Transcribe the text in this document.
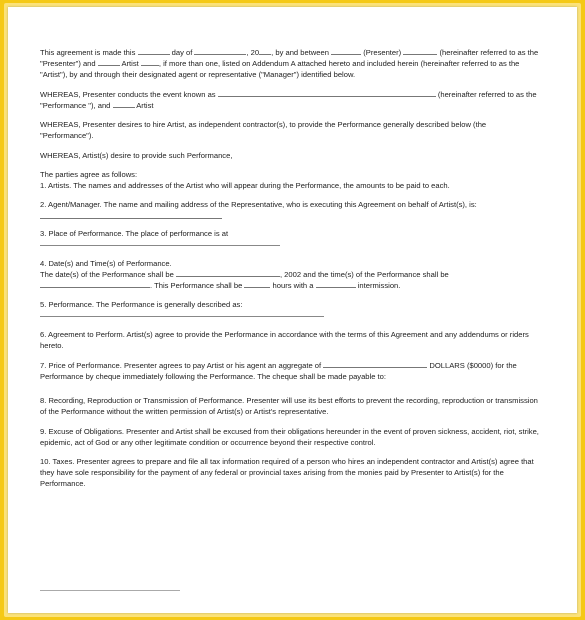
This agreement is made this	day of	, 20 , by and between	(Presenter)	(hereinafter referred to as the "Presenter") and	Artist	, if more than one, listed on Addendum A attached hereto and included herein (hereinafter referred to as the "Artist"), by and through their designated agent or representative ("Manager") identified below.

WHEREAS, Presenter conducts the event known as	(hereinafter referred to as the "Performance "), and	Artist

WHEREAS, Presenter desires to hire Artist, as independent contractor(s), to provide the Performance generally described below (the "Performance").

WHEREAS, Artist(s) desire to provide such Performance,

The parties agree as follows:

1. Artists. The names and addresses of the Artist who will appear during the Performance, the amounts to be paid to each.

2. Agent/Manager. The name and mailing address of the Representative, who is executing this Agreement on behalf of Artist(s), is:

3. Place of Performance. The place of performance is at

4. Date(s) and Time(s) of Performance.

The date(s) of the Performance shall be	, 2002 and the time(s) of the Performance shall be . This Performance shall be	hours with a	intermission.

5. Performance. The Performance is generally described as:

6. Agreement to Perform. Artist(s) agree to provide the Performance in accordance with the terms of this Agreement and any addendums or riders hereto.

7. Price of Performance. Presenter agrees to pay Artist or his agent an aggregate of	DOLLARS ($0000) for the Performance by cheque immediately following the Performance. The cheque shall be made payable to:

8. Recording, Reproduction or Transmission of Performance. Presenter will use its best efforts to prevent the recording, reproduction or transmission of the Performance without the written permission of Artist(s) or Artist's representative.

9. Excuse of Obligations. Presenter and Artist shall be excused from their obligations hereunder in the event of proven sickness, accident, riot, strike, epidemic, act of God or any other legitimate condition or occurrence beyond their respective control.

10. Taxes. Presenter agrees to prepare and file all tax information required of a person who hires an independent contractor and Artist(s) agree that they have sole responsibility for the payment of any federal or provincial taxes arising from the monies paid by Presenter to Artist(s) for the Performance.
